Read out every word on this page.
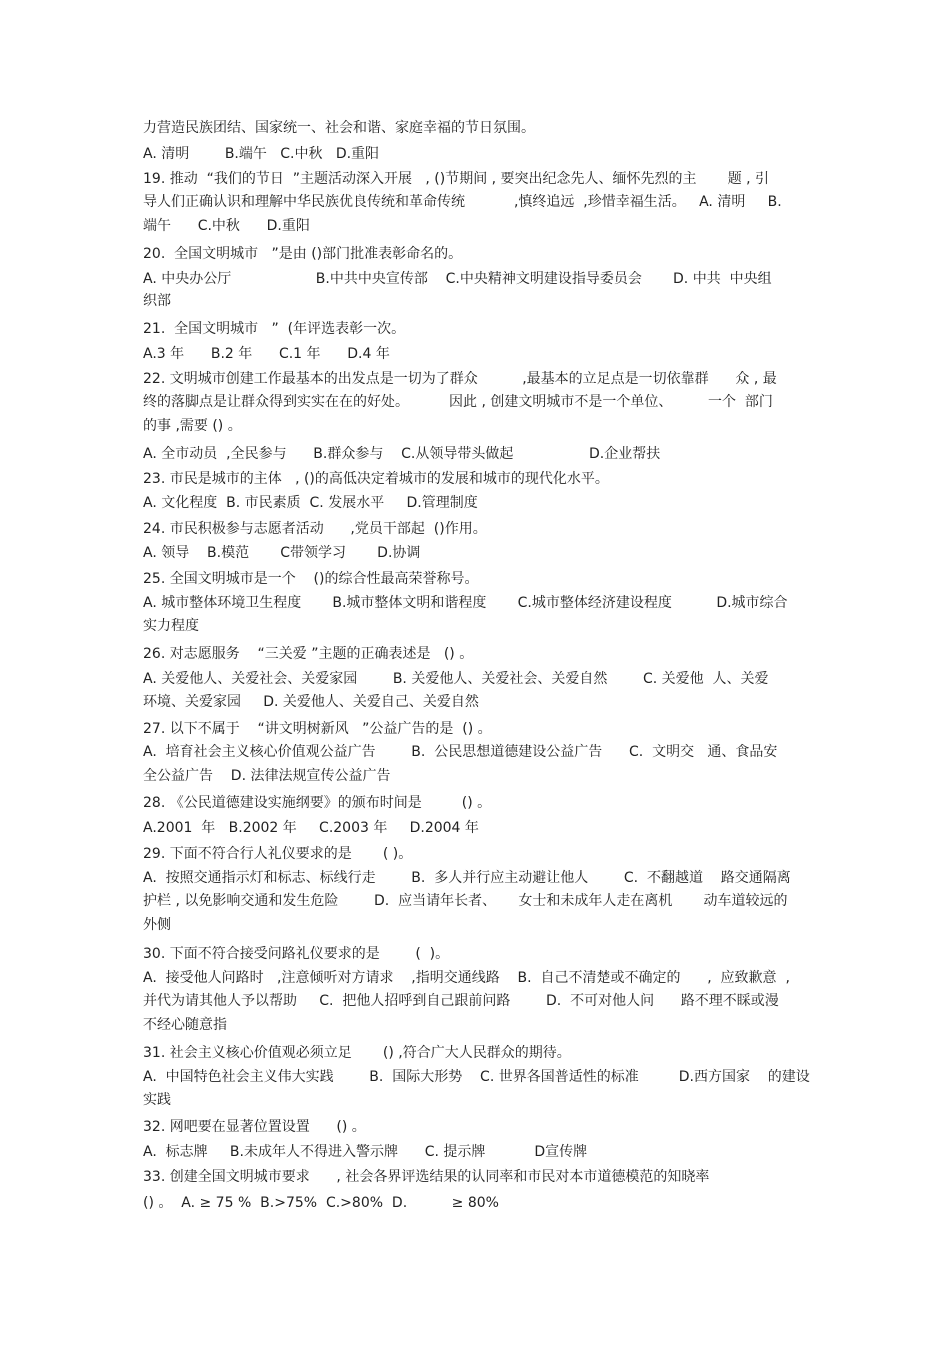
力营造民族团结、国家统一、社会和谐、家庭幸福的节日氛围。
A. 清明        B.端午   C.中秋   D.重阳
19. 推动  “我们的节日  ”主题活动深入开展   , ()节期间 , 要突出纪念先人、缅怀先烈的主       题 , 引
导人们正确认识和理解中华民族优良传统和革命传统           ,慎终追远  ,珍惜幸福生活。   A. 清明     B.
端午      C.中秋      D.重阳
20.  全国文明城市   ”是由 ()部门批准表彰命名的。
A. 中央办公厅                   B.中共中央宣传部    C.中央精神文明建设指导委员会       D. 中共  中央组
织部
21.  全国文明城市   ”  (年评选表彰一次。
A.3 年      B.2 年      C.1 年      D.4 年
22. 文明城市创建工作最基本的出发点是一切为了群众          ,最基本的立足点是一切依靠群      众 , 最
终的落脚点是让群众得到实实在在的好处。         因此 , 创建文明城市不是一个单位、        一个  部门
的事 ,需要 () 。
A. 全市动员  ,全民参与      B.群众参与    C.从领导带头做起                 D.企业帮扶
23. 市民是城市的主体   , ()的高低决定着城市的发展和城市的现代化水平。
A. 文化程度  B. 市民素质  C. 发展水平     D.管理制度
24. 市民积极参与志愿者活动      ,党员干部起  ()作用。
A. 领导    B.模范       C带领学习       D.协调
25. 全国文明城市是一个    ()的综合性最高荣誉称号。
A. 城市整体环境卫生程度       B.城市整体文明和谐程度       C.城市整体经济建设程度          D.城市综合
实力程度
26. 对志愿服务    “三关爱 ”主题的正确表述是   () 。
A. 关爱他人、关爱社会、关爱家园        B. 关爱他人、关爱社会、关爱自然        C. 关爱他  人、关爱
环境、关爱家园     D. 关爱他人、关爱自己、关爱自然
27. 以下不属于    “讲文明树新风   ”公益广告的是  () 。
A.  培育社会主义核心价值观公益广告        B.  公民思想道德建设公益广告      C.  文明交   通、食品安
全公益广告    D. 法律法规宣传公益广告
28. 《公民道德建设实施纲要》的颁布时间是         () 。
A.2001  年   B.2002 年     C.2003 年     D.2004 年
29. 下面不符合行人礼仪要求的是       ( )。
A.  按照交通指示灯和标志、标线行走        B.  多人并行应主动避让他人        C.  不翻越道    路交通隔离
护栏 , 以免影响交通和发生危险        D.  应当请年长者、     女士和未成年人走在离机       动车道较远的
外侧
30. 下面不符合接受问路礼仪要求的是        (  )。
A.  接受他人问路时   ,注意倾听对方请求    ,指明交通线路    B.  自己不清楚或不确定的      ,  应致歉意  ,
并代为请其他人予以帮助     C.  把他人招呼到自己跟前问路        D.  不可对他人问      路不理不睬或漫
不经心随意指
31. 社会主义核心价值观必须立足       () ,符合广大人民群众的期待。
A.  中国特色社会主义伟大实践        B.  国际大形势    C. 世界各国普适性的标准         D.西方国家    的建设
实践
32. 网吧要在显著位置设置      () 。
A.  标志牌     B.未成年人不得进入警示牌      C. 提示牌           D宣传牌
33. 创建全国文明城市要求      , 社会各界评选结果的认同率和市民对本市道德模范的知晓率
() 。  A. ≥ 75 %  B.>75%  C.>80%  D.          ≥ 80%
